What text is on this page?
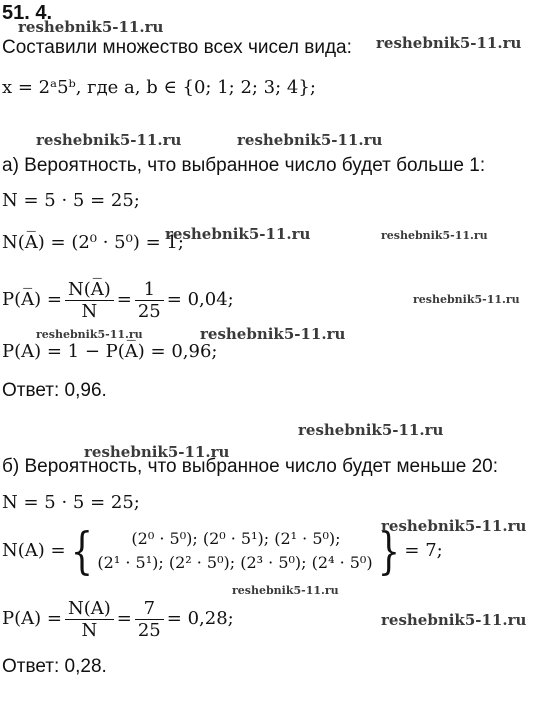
51. 4.
Составили множество всех чисел вида:
x = 2ᵃ5ᵇ, где a, b ∈ {0; 1; 2; 3; 4};
а) Вероятность, что выбранное число будет больше 1:
N = 5 · 5 = 25;
N(A̅) = (2⁰ · 5⁰) = 1;
P(A̅) = $\frac{N(A̅)}{N} = \frac{1}{25} = 0,04$;
P(A) = 1 − P(A̅) = 0,96;
Ответ: 0,96.
б) Вероятность, что выбранное число будет меньше 20:
N = 5 · 5 = 25;
N(A) = {	(2⁰ · 5⁰); (2⁰ · 5¹); (2¹ · 5⁰);
(2¹ · 5¹); (2² · 5⁰); (2³ · 5⁰); (2⁴ · 5⁰) } = 7;
$P(A) = \frac{N(A)}{N} = \frac{7}{25} = 0,28$;
Ответ: 0,28.
reshebnik5-11.ru
reshebnik5-11.ru
reshebnik5-11.ru	reshebnik5-11.ru
reshebnik5-11.ru	reshebnik5-11.ru
reshebnik5-11.ru
reshebnik5-11.ru	reshebnik5-11.ru
reshebnik5-11.ru
reshebnik5-11.ru
reshebnik5-11.ru
reshebnik5-11.ru
reshebnik5-11.ru
